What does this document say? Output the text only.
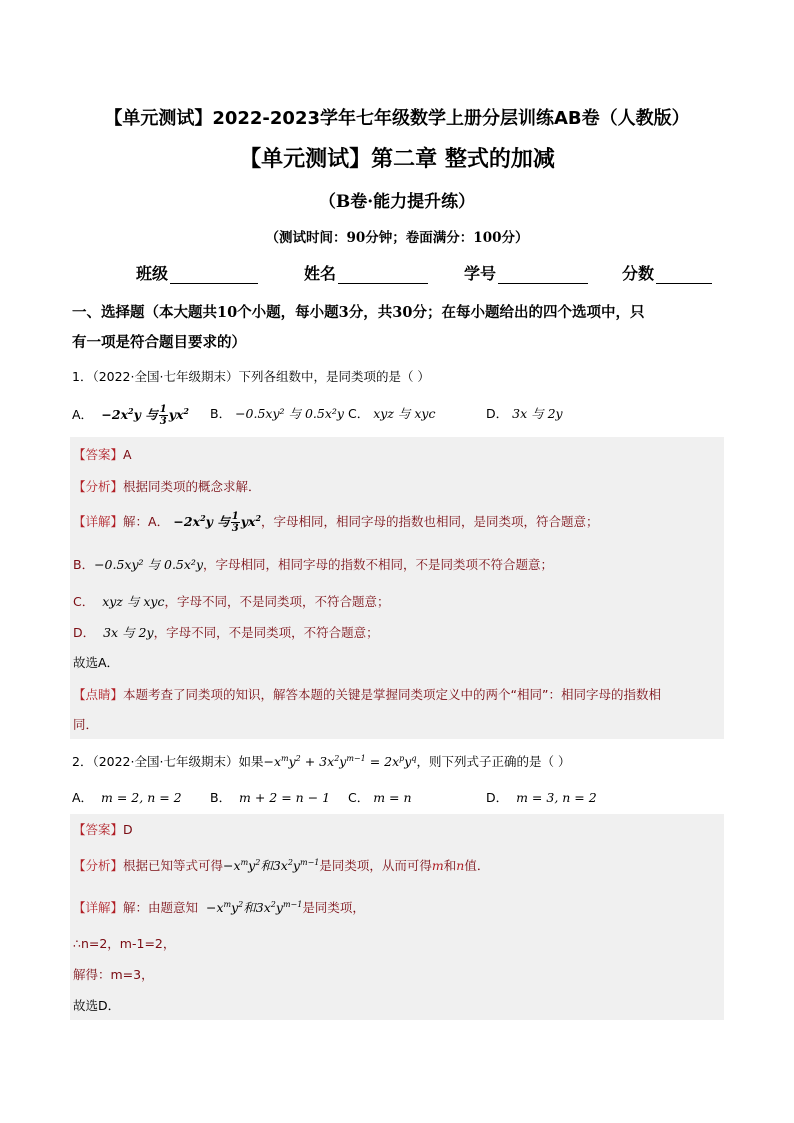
【单元测试】2022-2023学年七年级数学上册分层训练AB卷（人教版）
【单元测试】第二章 整式的加减
（B卷·能力提升练）
（测试时间：90分钟；卷面满分：100分）
班级	姓名	学号	分数
一、选择题（本大题共10个小题，每小题3分，共30分；在每小题给出的四个选项中，只
有一项是符合题目要求的）
1．（2022·全国·七年级期末）下列各组数中，是同类项的是（ ）
A．  $-2x^2y$ 与 $\frac{1}{3} yx^2$ B． −0.5xy² 与 0.5x²y C． xyz 与 xyc	D． 3x 与 2y
【答案】A
【分析】根据同类项的概念求解．
【详解】解：A． $-2x^2y$ 与 $\frac{1}{3} yx^2$，字母相同，相同字母的指数也相同，是同类项，符合题意；
B．−0.5xy² 与 0.5x²y，字母相同，相同字母的指数不相同，不是同类项不符合题意；
C． xyz 与 xyc，字母不同，不是同类项，不符合题意；
D． 3x 与 2y，字母不同，不是同类项，不符合题意；
故选A．
【点睛】本题考查了同类项的知识，解答本题的关键是掌握同类项定义中的两个“相同”：相同字母的指数相
同．
2．（2022·全国·七年级期末）如果$-x^my^2 + 3x^2y^{m-1} = 2x^py^q$，则下列式子正确的是（ ）
A． m = 2, n = 2 B． m + 2 = n − 1 C． m = n	D． m = 3, n = 2
【答案】D
【分析】根据已知等式可得$-x^my^2$和$3x^2y^{m-1}$是同类项，从而可得m和n值．
【详解】解：由题意知 $-x^my^2$和$3x^2y^{m-1}$是同类项，
∴n=2，m-1=2，
解得：m=3，
故选D．
